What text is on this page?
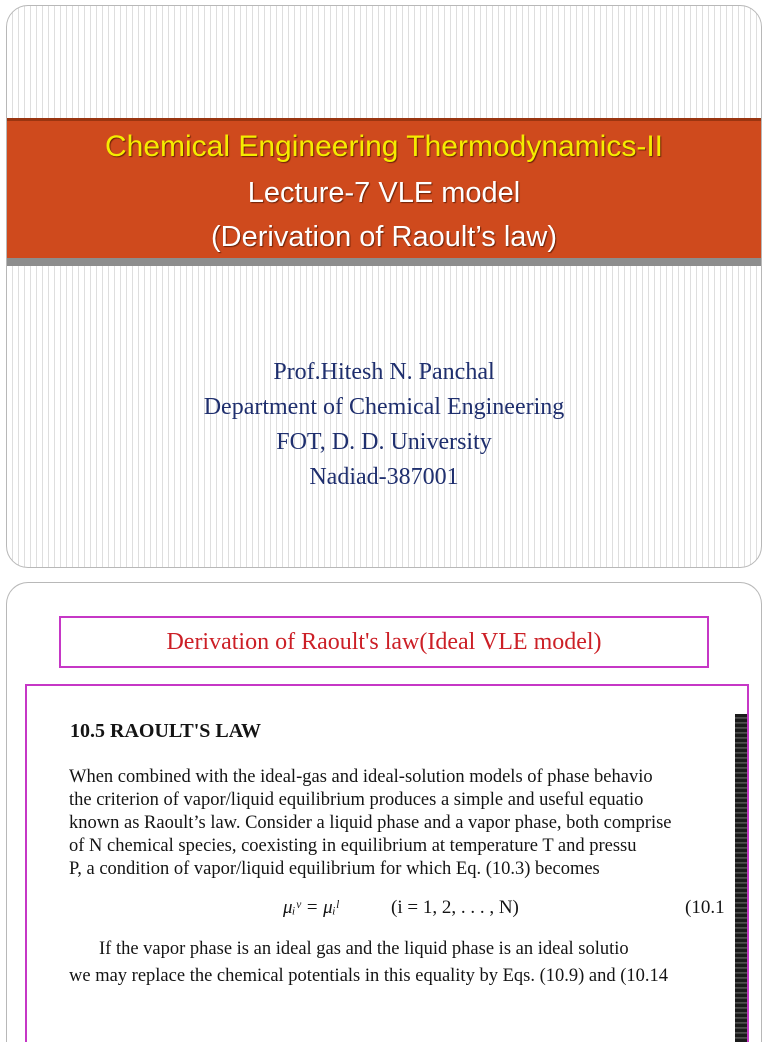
Chemical Engineering Thermodynamics-II
Lecture-7 VLE model
(Derivation of Raoult’s law)
Prof.Hitesh N. Panchal
Department of Chemical Engineering
FOT, D. D. University
Nadiad-387001
Derivation of Raoult's law(Ideal VLE model)
10.5 RAOULT'S LAW
When combined with the ideal-gas and ideal-solution models of phase behavio
the criterion of vapor/liquid equilibrium produces a simple and useful equatio
known as Raoult’s law. Consider a liquid phase and a vapor phase, both comprise
of N chemical species, coexisting in equilibrium at temperature T and pressu
P, a condition of vapor/liquid equilibrium for which Eq. (10.3) becomes
μᵢᵛ = μᵢˡ	(i = 1, 2, . . . , N)	(10.1
If the vapor phase is an ideal gas and the liquid phase is an ideal solutio
we may replace the chemical potentials in this equality by Eqs. (10.9) and (10.14
